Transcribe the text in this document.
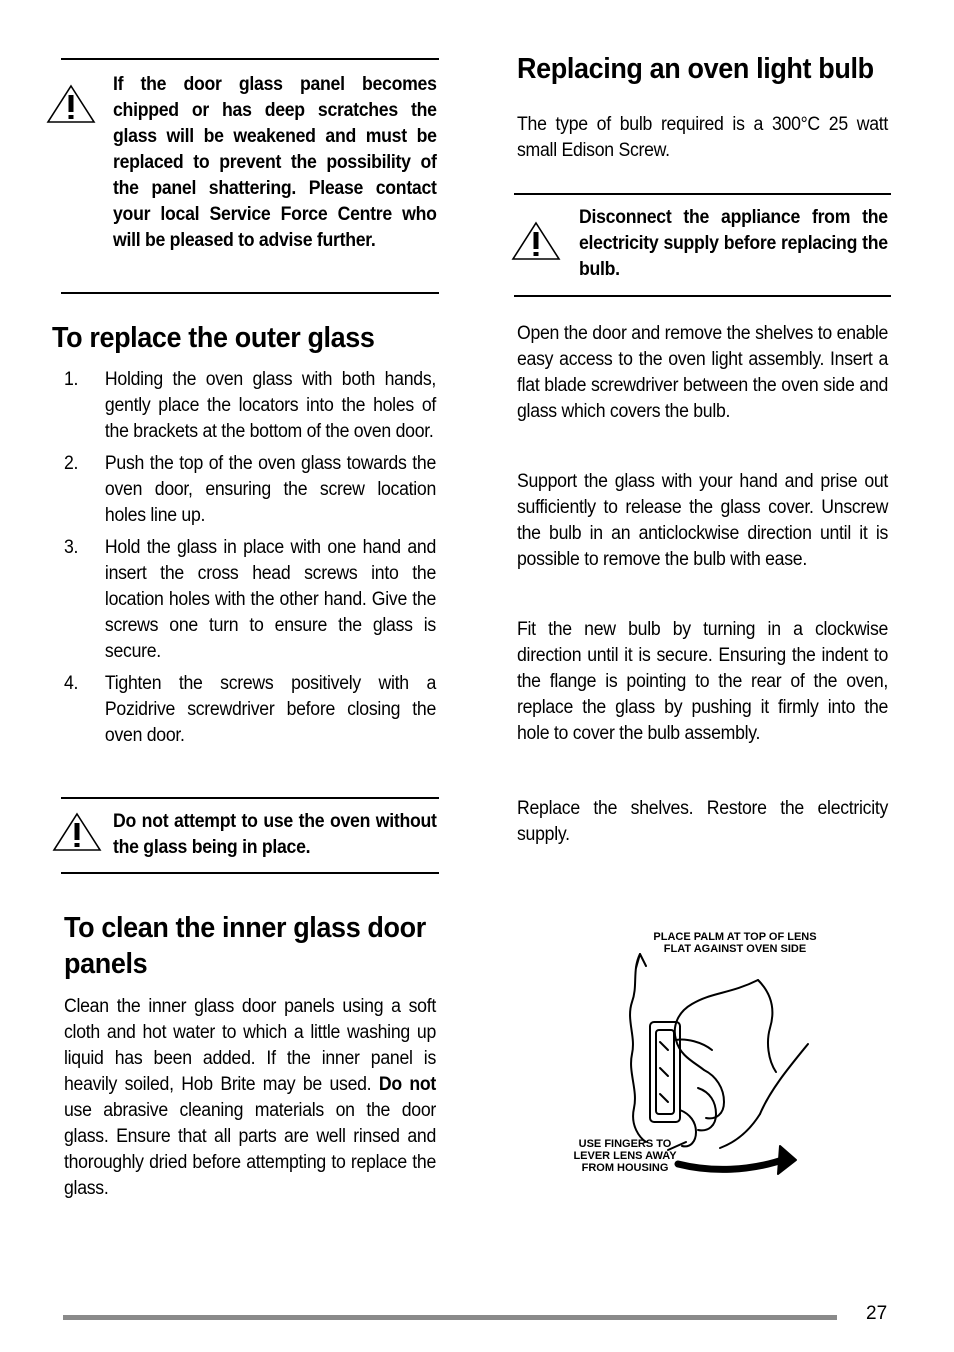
If the door glass panel becomes chipped or has deep scratches the glass will be weakened and must be replaced to prevent the possibility of the panel shattering. Please contact your local Service Force Centre who will be pleased to advise further.
To replace the outer glass
1. Holding the oven glass with both hands, gently place the locators into the holes of the brackets at the bottom of the oven door.
2. Push the top of the oven glass towards the oven door, ensuring the screw location holes line up.
3. Hold the glass in place with one hand and insert the cross head screws into the location holes with the other hand. Give the screws one turn to ensure the glass is secure.
4. Tighten the screws positively with a Pozidrive screwdriver before closing the oven door.
Do not attempt to use the oven without the glass being in place.
To clean the inner glass door panels
Clean the inner glass door panels using a soft cloth and hot water to which a little washing up liquid has been added. If the inner panel is heavily soiled, Hob Brite may be used. Do not use abrasive cleaning materials on the door glass. Ensure that all parts are well rinsed and thoroughly dried before attempting to replace the glass.
Replacing an oven light bulb
The type of bulb required is a 300°C 25 watt small Edison Screw.
Disconnect the appliance from the electricity supply before replacing the bulb.
Open the door and remove the shelves to enable easy access to the oven light assembly. Insert a flat blade screwdriver between the oven side and glass which covers the bulb.
Support the glass with your hand and prise out sufficiently to release the glass cover. Unscrew the bulb in an anticlockwise direction until it is possible to remove the bulb with ease.
Fit the new bulb by turning in a clockwise direction until it is secure. Ensuring the indent to the flange is pointing to the rear of the oven, replace the glass by pushing it firmly into the hole to cover the bulb assembly.
Replace the shelves. Restore the electricity supply.
PLACE PALM AT TOP OF LENS
FLAT AGAINST OVEN SIDE
USE FINGERS TO
LEVER LENS AWAY
FROM HOUSING
27
